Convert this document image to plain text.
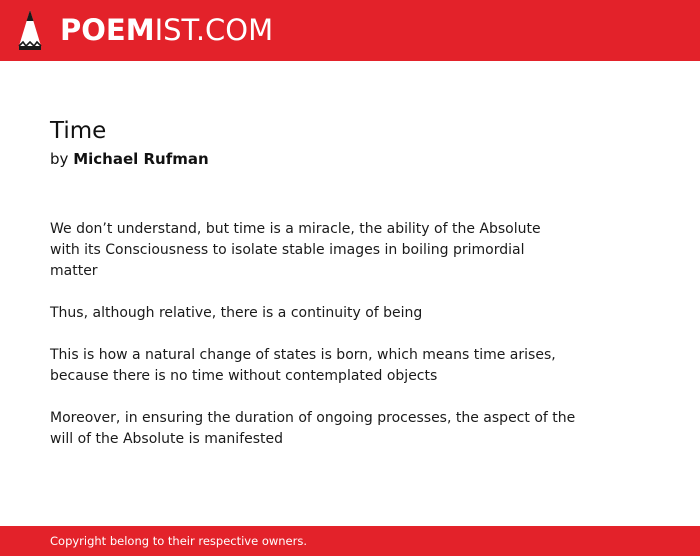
POEMIST.COM
Time
by Michael Rufman
We don’t understand, but time is a miracle, the ability of the Absolute
with its Consciousness to isolate stable images in boiling primordial
matter
Thus, although relative, there is a continuity of being
This is how a natural change of states is born, which means time arises,
because there is no time without contemplated objects
Moreover, in ensuring the duration of ongoing processes, the aspect of the
will of the Absolute is manifested
Copyright belong to their respective owners.
